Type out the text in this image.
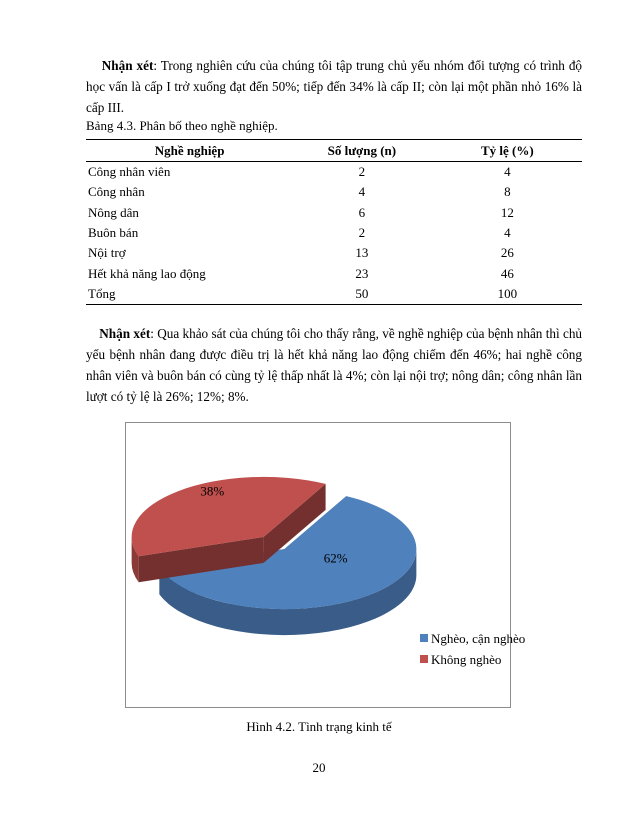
Nhận xét: Trong nghiên cứu của chúng tôi tập trung chủ yếu nhóm đối tượng có trình độ học vấn là cấp I trở xuống đạt đến 50%; tiếp đến 34% là cấp II; còn lại một phần nhỏ 16% là cấp III.

Bảng 4.3. Phân bố theo nghề nghiệp.
Nghề nghiệp	Số lượng (n)	Tỷ lệ (%)
Công nhân viên	2	4
Công nhân	4	8
Nông dân	6	12
Buôn bán	2	4
Nội trợ	13	26
Hết khả năng lao động	23	46
Tổng	50	100

Nhận xét: Qua khảo sát của chúng tôi cho thấy rằng, về nghề nghiệp của bệnh nhân thì chủ yếu bệnh nhân đang được điều trị là hết khả năng lao động chiếm đến 46%; hai nghề công nhân viên và buôn bán có cùng tỷ lệ thấp nhất là 4%; còn lại nội trợ; nông dân; công nhân lần lượt có tỷ lệ là 26%; 12%; 8%.

62%
38%
Nghèo, cận nghèo
Không nghèo
Hình 4.2. Tình trạng kinh tế
20
